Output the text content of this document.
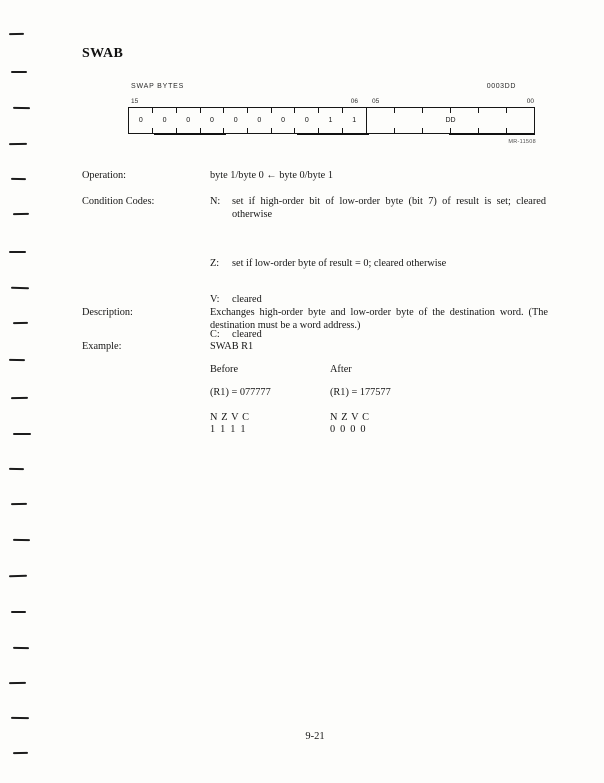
SWAB
SWAP BYTES	0003DD
15	06 05	00
0	0	0	0	0	0	0	0	1	1	DD
MR-11508
Operation:	byte 1/byte 0 ← byte 0/byte 1
Condition Codes:	N: set if high-order bit of low-order byte (bit 7) of result is set; cleared otherwise
Z: set if low-order byte of result = 0; cleared otherwise
V: cleared
C: cleared
Description:	Exchanges high-order byte and low-order byte of the destination word. (The destination must be a word address.)
Example:	SWAB R1
Before	After
(R1) = 077777	(R1) = 177577
N Z V C	N Z V C
1 1 1 1	0 0 0 0
9-21
